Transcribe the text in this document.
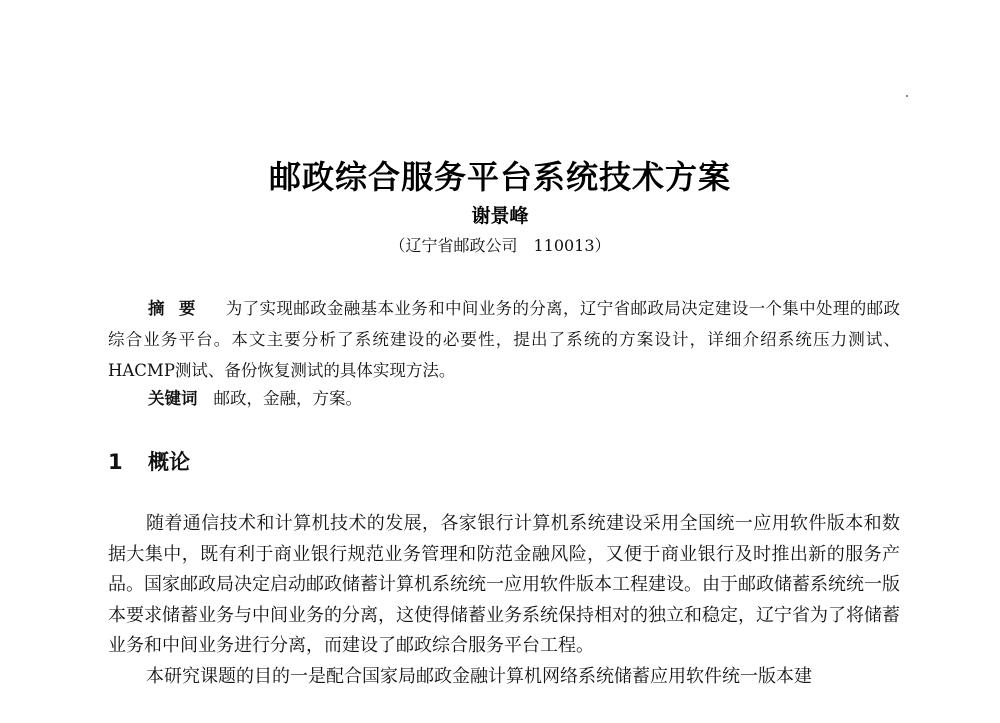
邮政综合服务平台系统技术方案
谢景峰
（辽宁省邮政公司　110013）

摘要 为了实现邮政金融基本业务和中间业务的分离，辽宁省邮政局决定建设一个集中处理的邮政综合业务平台。本文主要分析了系统建设的必要性，提出了系统的方案设计，详细介绍系统压力测试、HACMP测试、备份恢复测试的具体实现方法。

关键词 邮政，金融，方案。
1 概论

随着通信技术和计算机技术的发展，各家银行计算机系统建设采用全国统一应用软件版本和数据大集中，既有利于商业银行规范业务管理和防范金融风险，又便于商业银行及时推出新的服务产品。国家邮政局决定启动邮政储蓄计算机系统统一应用软件版本工程建设。由于邮政储蓄系统统一版本要求储蓄业务与中间业务的分离，这使得储蓄业务系统保持相对的独立和稳定，辽宁省为了将储蓄业务和中间业务进行分离，而建设了邮政综合服务平台工程。

本研究课题的目的一是配合国家局邮政金融计算机网络系统储蓄应用软件统一版本建
